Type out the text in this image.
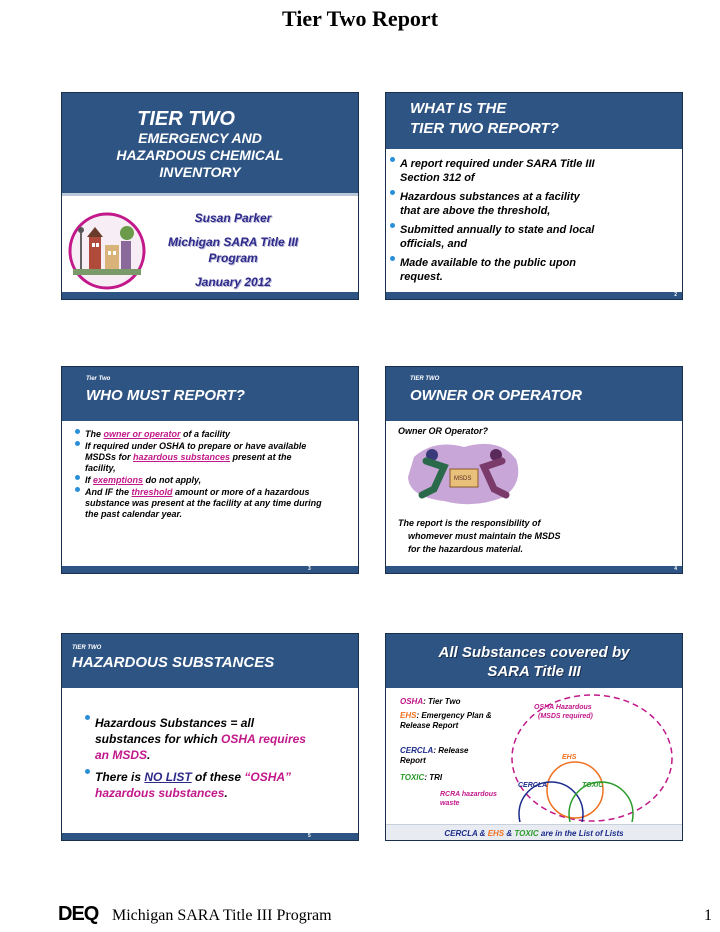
Tier Two Report
TIER TWO
EMERGENCY AND
HAZARDOUS CHEMICAL
INVENTORY
Susan Parker
Michigan SARA Title III
Program
January 2012
WHAT IS THE
TIER TWO REPORT?
A report required under SARA Title III
Section 312 of
Hazardous substances at a facility
that are above the threshold,
Submitted annually to state and local
officials, and
Made available to the public upon
request.
2
Tier Two
WHO MUST REPORT?
The owner or operator of a facility
If required under OSHA to prepare or have available MSDSs for hazardous substances present at the facility,
If exemptions do not apply,
And IF the threshold amount or more of a hazardous substance was present at the facility at any time during the past calendar year.
3
TIER TWO
OWNER OR OPERATOR
Owner OR Operator?
MSDS
The report is the responsibility of
whomever must maintain the MSDS
for the hazardous material.
4
TIER TWO
HAZARDOUS SUBSTANCES
Hazardous Substances = all substances for which OSHA requires an MSDS.
There is NO LIST of these “OSHA” hazardous substances.
5
All Substances covered by
SARA Title III
OSHA: Tier Two
EHS: Emergency Plan & Release Report
CERCLA: Release Report
TOXIC: TRI
OSHA Hazardous
(MSDS required)
EHS
CERCLA	TOXIC
RCRA hazardous
waste
CERCLA & EHS & TOXIC are in the List of Lists
DEQ Michigan SARA Title III Program	1
